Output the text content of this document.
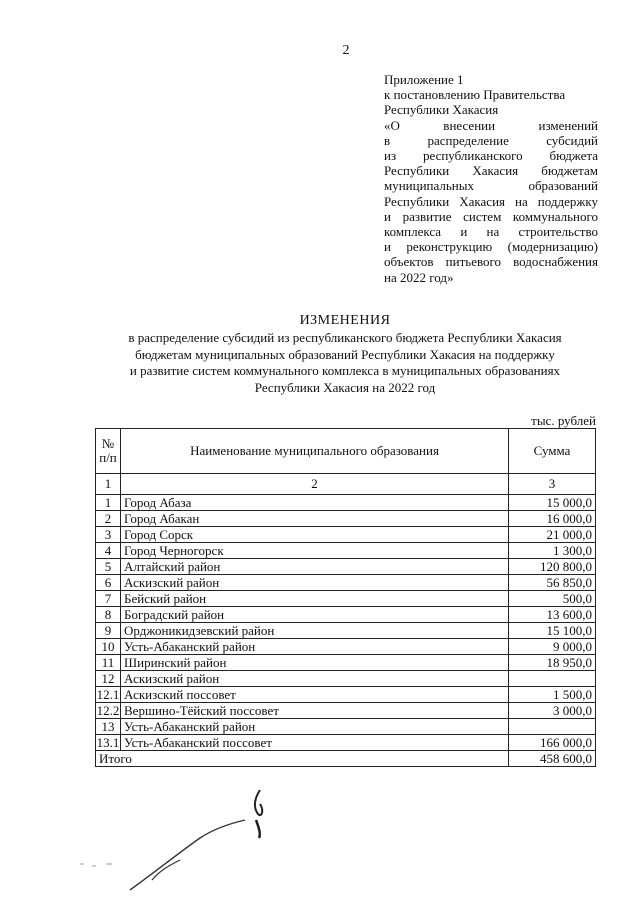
2
Приложение 1
к постановлению Правительства
Республики Хакасия
«О внесении изменений
в распределение субсидий
из республиканского бюджета
Республики Хакасия бюджетам
муниципальных образований
Республики Хакасия на поддержку
и развитие систем коммунального
комплекса и на строительство
и реконструкцию (модернизацию)
объектов питьевого водоснабжения
на 2022 год»
ИЗМЕНЕНИЯ
в распределение субсидий из республиканского бюджета Республики Хакасия
бюджетам муниципальных образований Республики Хакасия на поддержку
и развитие систем коммунального комплекса в муниципальных образованиях
Республики Хакасия на 2022 год
тыс. рублей
№ п/п	Наименование муниципального образования	Сумма
1	2	3
1	Город Абаза	15 000,0
2	Город Абакан	16 000,0
3	Город Сорск	21 000,0
4	Город Черногорск	1 300,0
5	Алтайский район	120 800,0
6	Аскизский район	56 850,0
7	Бейский район	500,0
8	Боградский район	13 600,0
9	Орджоникидзевский район	15 100,0
10	Усть-Абаканский район	9 000,0
11	Ширинский район	18 950,0
12	Аскизский район	
12.1	Аскизский поссовет	1 500,0
12.2	Вершино-Тёйский поссовет	3 000,0
13	Усть-Абаканский район	
13.1	Усть-Абаканский поссовет	166 000,0
Итого		458 600,0
